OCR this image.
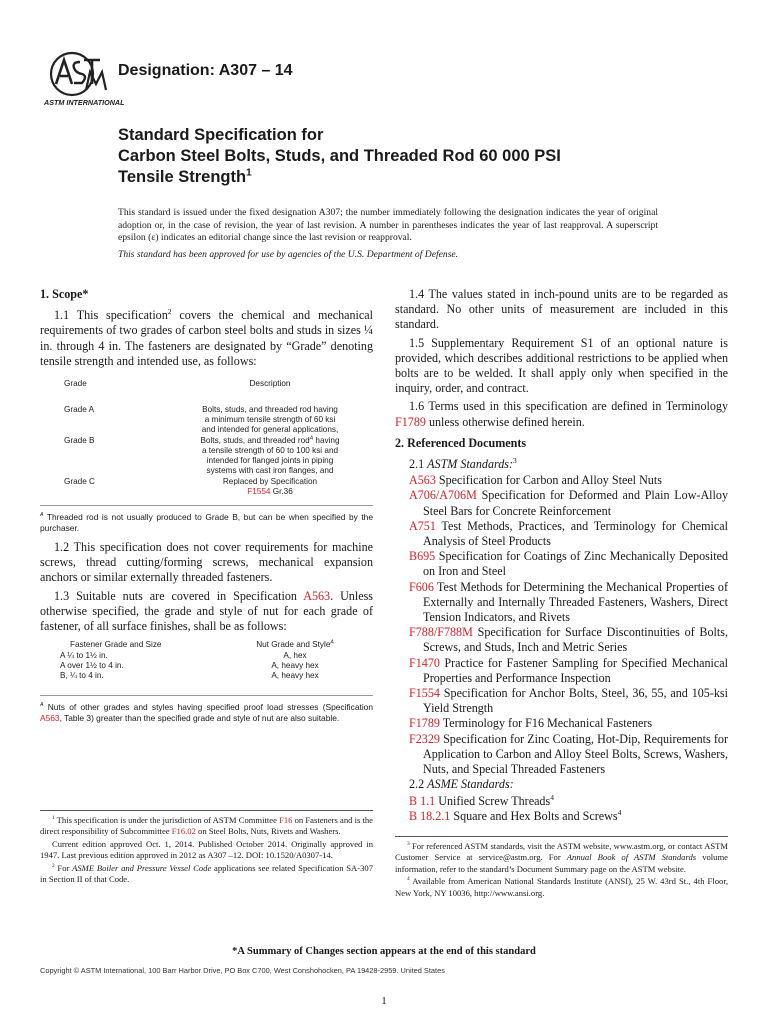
ASTM INTERNATIONAL
Designation: A307 – 14
Standard Specification for
Carbon Steel Bolts, Studs, and Threaded Rod 60 000 PSI
Tensile Strength$^1$
This standard is issued under the fixed designation A307; the number immediately following the designation indicates the year of original adoption or, in the case of revision, the year of last revision. A number in parentheses indicates the year of last reapproval. A superscript epsilon (ε) indicates an editorial change since the last revision or reapproval.
This standard has been approved for use by agencies of the U.S. Department of Defense.
1. Scope*
1.1 This specification$^2$ covers the chemical and mechanical requirements of two grades of carbon steel bolts and studs in sizes ¼ in. through 4 in. The fasteners are designated by “Grade” denoting tensile strength and intended use, as follows:
Grade	Description
Grade A	Bolts, studs, and threaded rod having a minimum tensile strength of 60 ksi and intended for general applications,
Grade B	Bolts, studs, and threaded rod$^A$ having a tensile strength of 60 to 100 ksi and intended for flanged joints in piping systems with cast iron flanges, and
Grade C	Replaced by Specification
F1554 Gr.36
$^A$ Threaded rod is not usually produced to Grade B, but can be when specified by the purchaser.
1.2 This specification does not cover requirements for machine screws, thread cutting/forming screws, mechanical expansion anchors or similar externally threaded fasteners.
1.3 Suitable nuts are covered in Specification A563. Unless otherwise specified, the grade and style of nut for each grade of fastener, of all surface finishes, shall be as follows:
Fastener Grade and Size	Nut Grade and Style$^A$
A ¼ to 1½ in.	A, hex
A over 1½ to 4 in.	A, heavy hex
B, ¼ to 4 in.	A, heavy hex
$^A$ Nuts of other grades and styles having specified proof load stresses (Specification A563, Table 3) greater than the specified grade and style of nut are also suitable.
1.4 The values stated in inch-pound units are to be regarded as standard. No other units of measurement are included in this standard.
1.5 Supplementary Requirement S1 of an optional nature is provided, which describes additional restrictions to be applied when bolts are to be welded. It shall apply only when specified in the inquiry, order, and contract.
1.6 Terms used in this specification are defined in Terminology F1789 unless otherwise defined herein.
2. Referenced Documents
2.1 ASTM Standards:$^3$
A563 Specification for Carbon and Alloy Steel Nuts
A706/A706M Specification for Deformed and Plain Low-Alloy Steel Bars for Concrete Reinforcement
A751 Test Methods, Practices, and Terminology for Chemical Analysis of Steel Products
B695 Specification for Coatings of Zinc Mechanically Deposited on Iron and Steel
F606 Test Methods for Determining the Mechanical Properties of Externally and Internally Threaded Fasteners, Washers, Direct Tension Indicators, and Rivets
F788/F788M Specification for Surface Discontinuities of Bolts, Screws, and Studs, Inch and Metric Series
F1470 Practice for Fastener Sampling for Specified Mechanical Properties and Performance Inspection
F1554 Specification for Anchor Bolts, Steel, 36, 55, and 105-ksi Yield Strength
F1789 Terminology for F16 Mechanical Fasteners
F2329 Specification for Zinc Coating, Hot-Dip, Requirements for Application to Carbon and Alloy Steel Bolts, Screws, Washers, Nuts, and Special Threaded Fasteners
2.2 ASME Standards:
B 1.1 Unified Screw Threads$^4$
B 18.2.1 Square and Hex Bolts and Screws$^4$

$^1$ This specification is under the jurisdiction of ASTM Committee F16 on Fasteners and is the direct responsibility of Subcommittee F16.02 on Steel Bolts, Nuts, Rivets and Washers.

Current edition approved Oct. 1, 2014. Published October 2014. Originally approved in 1947. Last previous edition approved in 2012 as A307 –12. DOI: 10.1520/A0307-14.

$^2$ For ASME Boiler and Pressure Vessel Code applications see related Specification SA-307 in Section II of that Code.

$^3$ For referenced ASTM standards, visit the ASTM website, www.astm.org, or contact ASTM Customer Service at service@astm.org. For Annual Book of ASTM Standards volume information, refer to the standard’s Document Summary page on the ASTM website.

$^4$ Available from American National Standards Institute (ANSI), 25 W. 43rd St., 4th Floor, New York, NY 10036, http://www.ansi.org.

*A Summary of Changes section appears at the end of this standard
Copyright © ASTM International, 100 Barr Harbor Drive, PO Box C700, West Conshohocken, PA 19428-2959. United States
1
